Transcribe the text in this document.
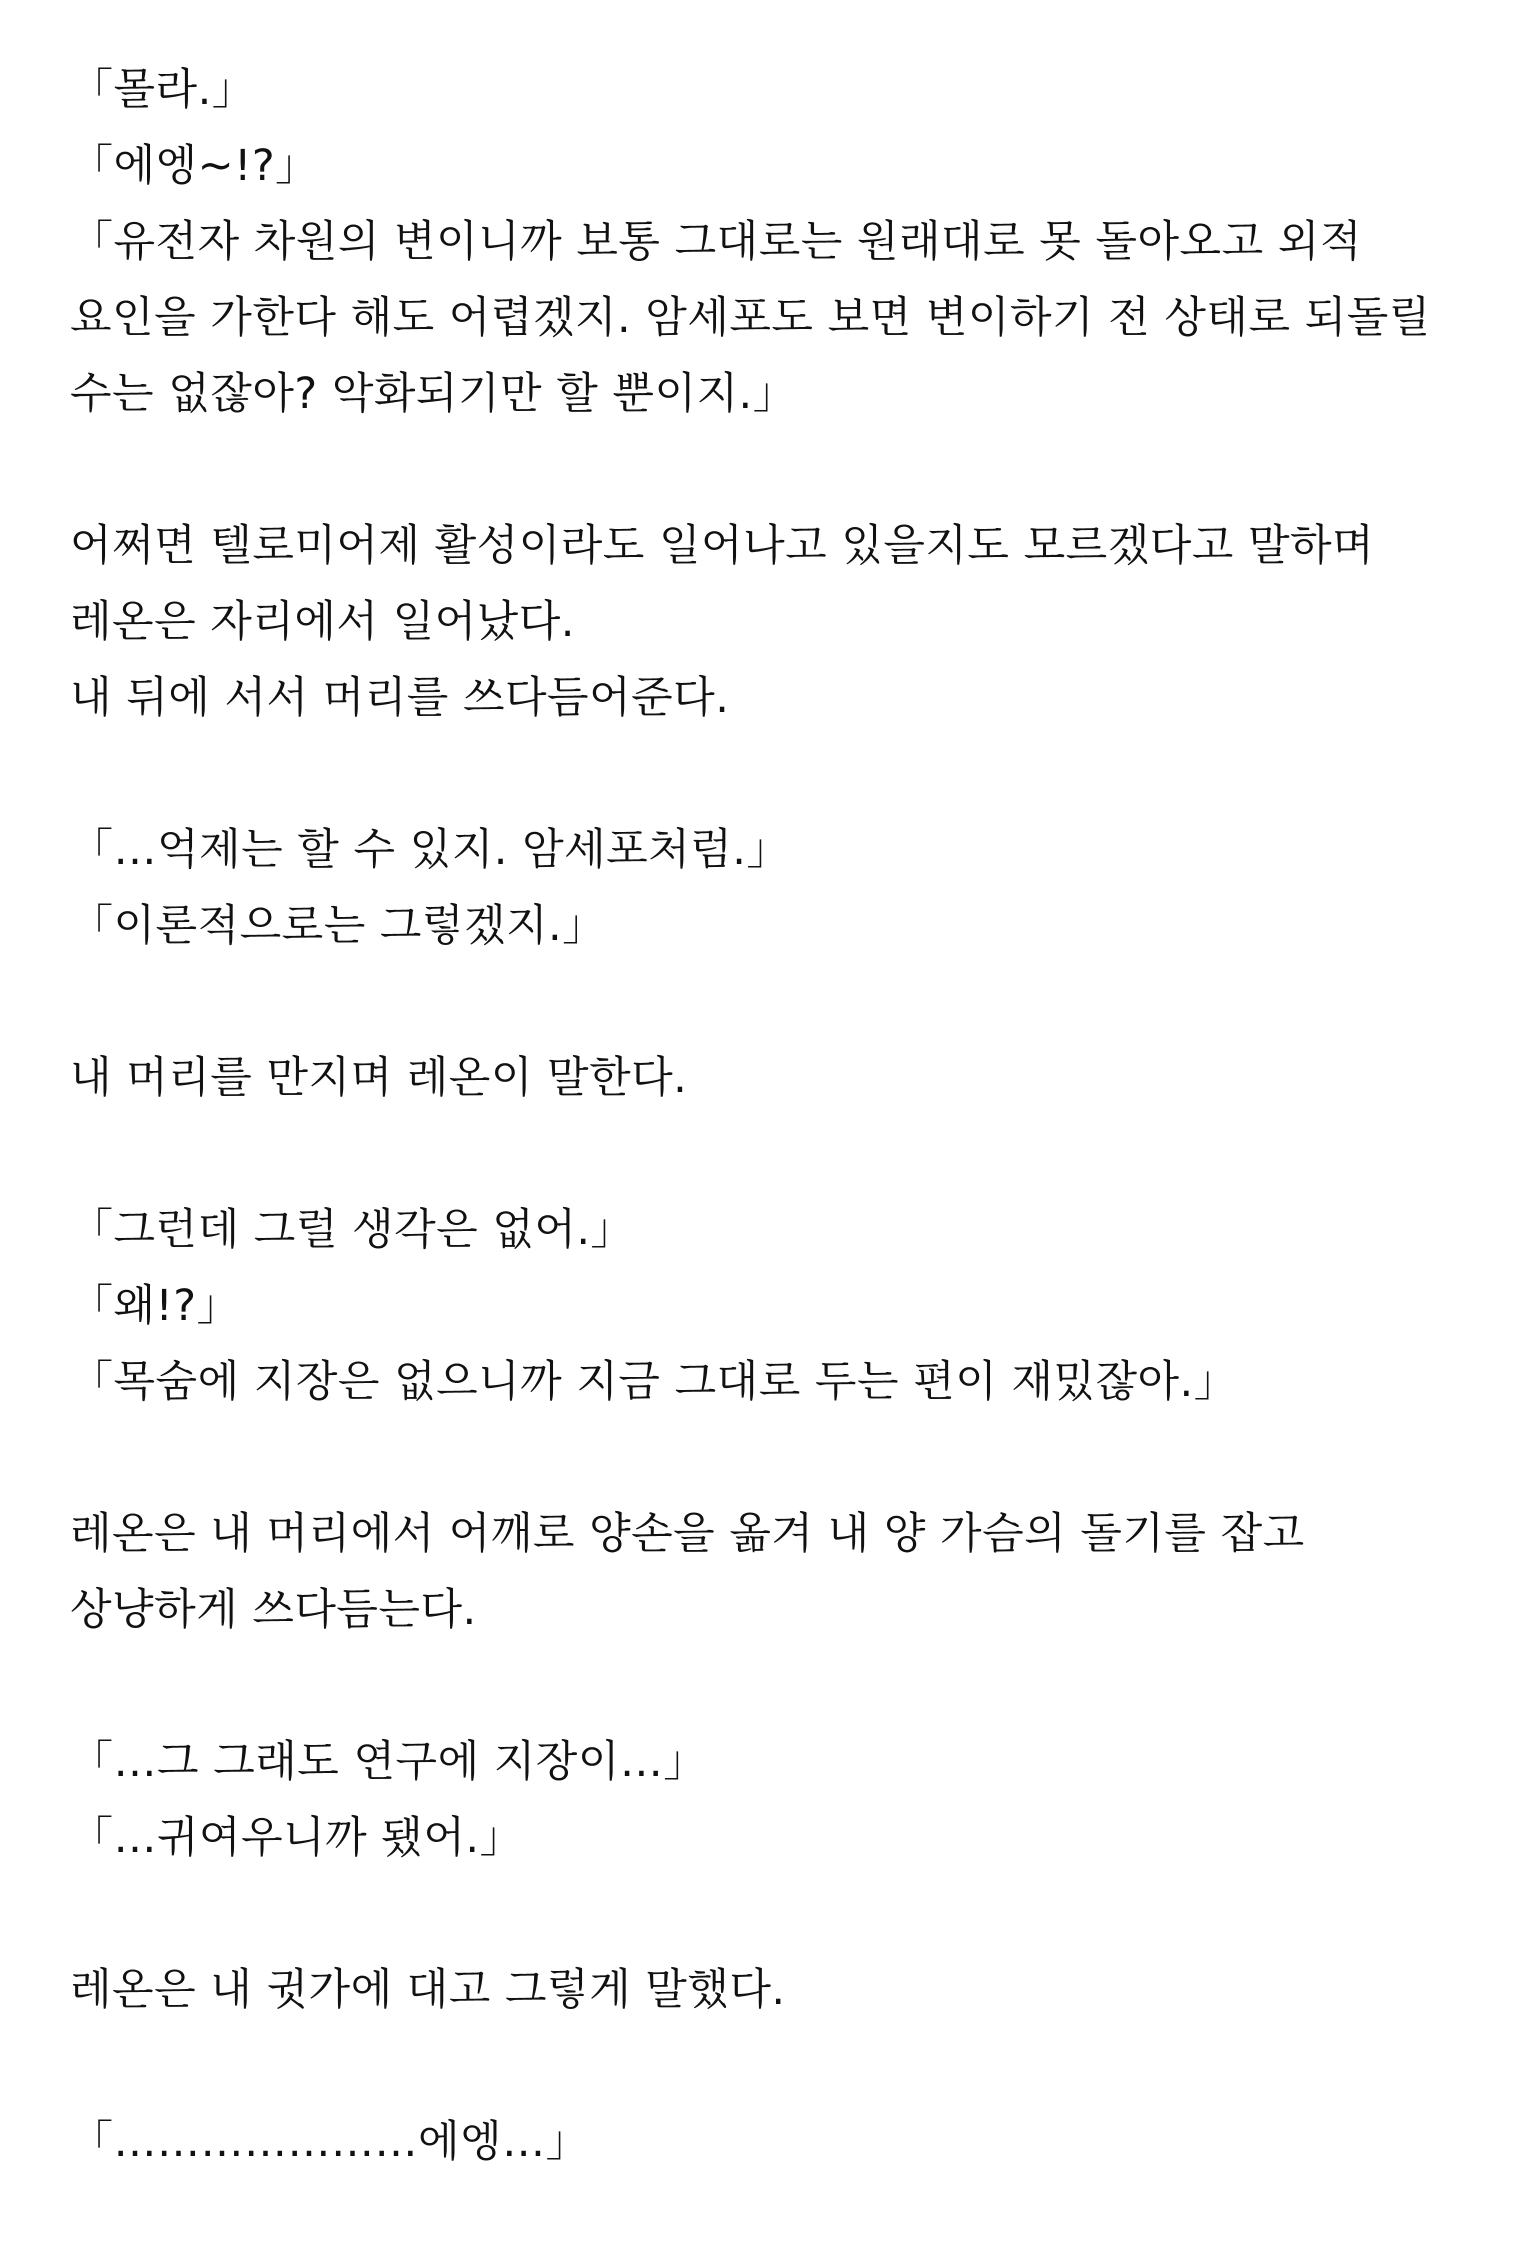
「몰라.」
「에엥~!?」
「유전자 차원의 변이니까 보통 그대로는 원래대로 못 돌아오고 외적
요인을 가한다 해도 어렵겠지. 암세포도 보면 변이하기 전 상태로 되돌릴
수는 없잖아? 악화되기만 할 뿐이지.」
어쩌면 텔로미어제 활성이라도 일어나고 있을지도 모르겠다고 말하며
레온은 자리에서 일어났다.
내 뒤에 서서 머리를 쓰다듬어준다.
「…억제는 할 수 있지. 암세포처럼.」
「이론적으로는 그렇겠지.」
내 머리를 만지며 레온이 말한다.
「그런데 그럴 생각은 없어.」
「왜!?」
「목숨에 지장은 없으니까 지금 그대로 두는 편이 재밌잖아.」
레온은 내 머리에서 어깨로 양손을 옮겨 내 양 가슴의 돌기를 잡고
상냥하게 쓰다듬는다.
「…그 그래도 연구에 지장이…」
「…귀여우니까 됐어.」
레온은 내 귓가에 대고 그렇게 말했다.
「…………………에엥…」
